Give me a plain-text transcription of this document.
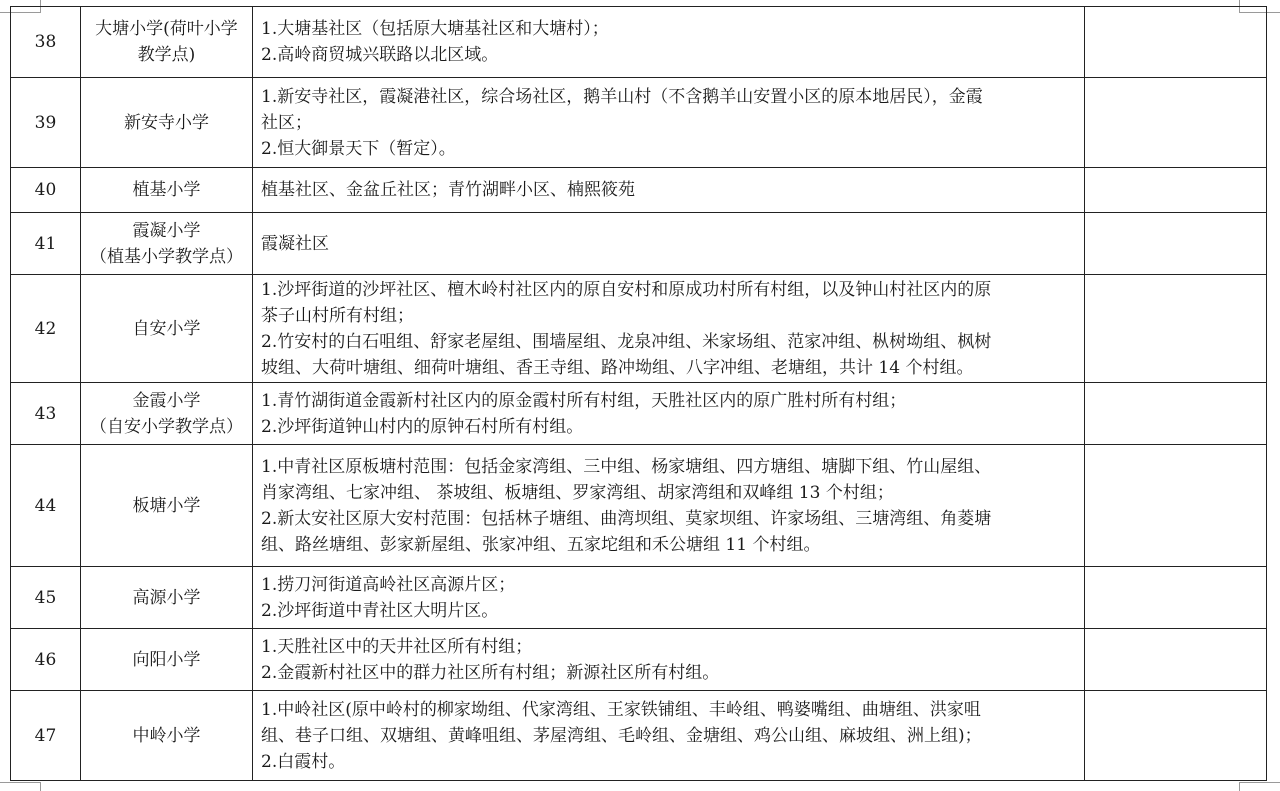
38	大塘小学(荷叶小学
教学点)	1.大塘基社区（包括原大塘基社区和大塘村）；
2.高岭商贸城兴联路以北区域。	

39	新安寺小学	1.新安寺社区，霞凝港社区，综合场社区，鹅羊山村（不含鹅羊山安置小区的原本地居民），金霞
社区；
2.恒大御景天下（暂定）。	

40	植基小学	植基社区、金盆丘社区；青竹湖畔小区、楠熙筱苑	

41	霞凝小学
（植基小学教学点）	霞凝社区	

42	自安小学	1.沙坪街道的沙坪社区、檀木岭村社区内的原自安村和原成功村所有村组，以及钟山村社区内的原
茶子山村所有村组；
2.竹安村的白石咀组、舒家老屋组、围墙屋组、龙泉冲组、米家场组、范家冲组、枞树坳组、枫树
坡组、大荷叶塘组、细荷叶塘组、香王寺组、路冲坳组、八字冲组、老塘组，共计 14 个村组。	

43	金霞小学
（自安小学教学点）	1.青竹湖街道金霞新村社区内的原金霞村所有村组，天胜社区内的原广胜村所有村组；
2.沙坪街道钟山村内的原钟石村所有村组。	

44	板塘小学	1.中青社区原板塘村范围：包括金家湾组、三中组、杨家塘组、四方塘组、塘脚下组、竹山屋组、
肖家湾组、七家冲组、 茶坡组、板塘组、罗家湾组、胡家湾组和双峰组 13 个村组；
2.新太安社区原大安村范围：包括林子塘组、曲湾坝组、莫家坝组、许家场组、三塘湾组、角菱塘
组、路丝塘组、彭家新屋组、张家冲组、五家坨组和禾公塘组 11 个村组。	

45	高源小学	1.捞刀河街道高岭社区高源片区；
2.沙坪街道中青社区大明片区。	

46	向阳小学	1.天胜社区中的天井社区所有村组；
2.金霞新村社区中的群力社区所有村组；新源社区所有村组。	

47	中岭小学	1.中岭社区(原中岭村的柳家坳组、代家湾组、王家铁铺组、丰岭组、鸭婆嘴组、曲塘组、洪家咀
组、巷子口组、双塘组、黄峰咀组、茅屋湾组、毛岭组、金塘组、鸡公山组、麻坡组、洲上组)；
2.白霞村。	
